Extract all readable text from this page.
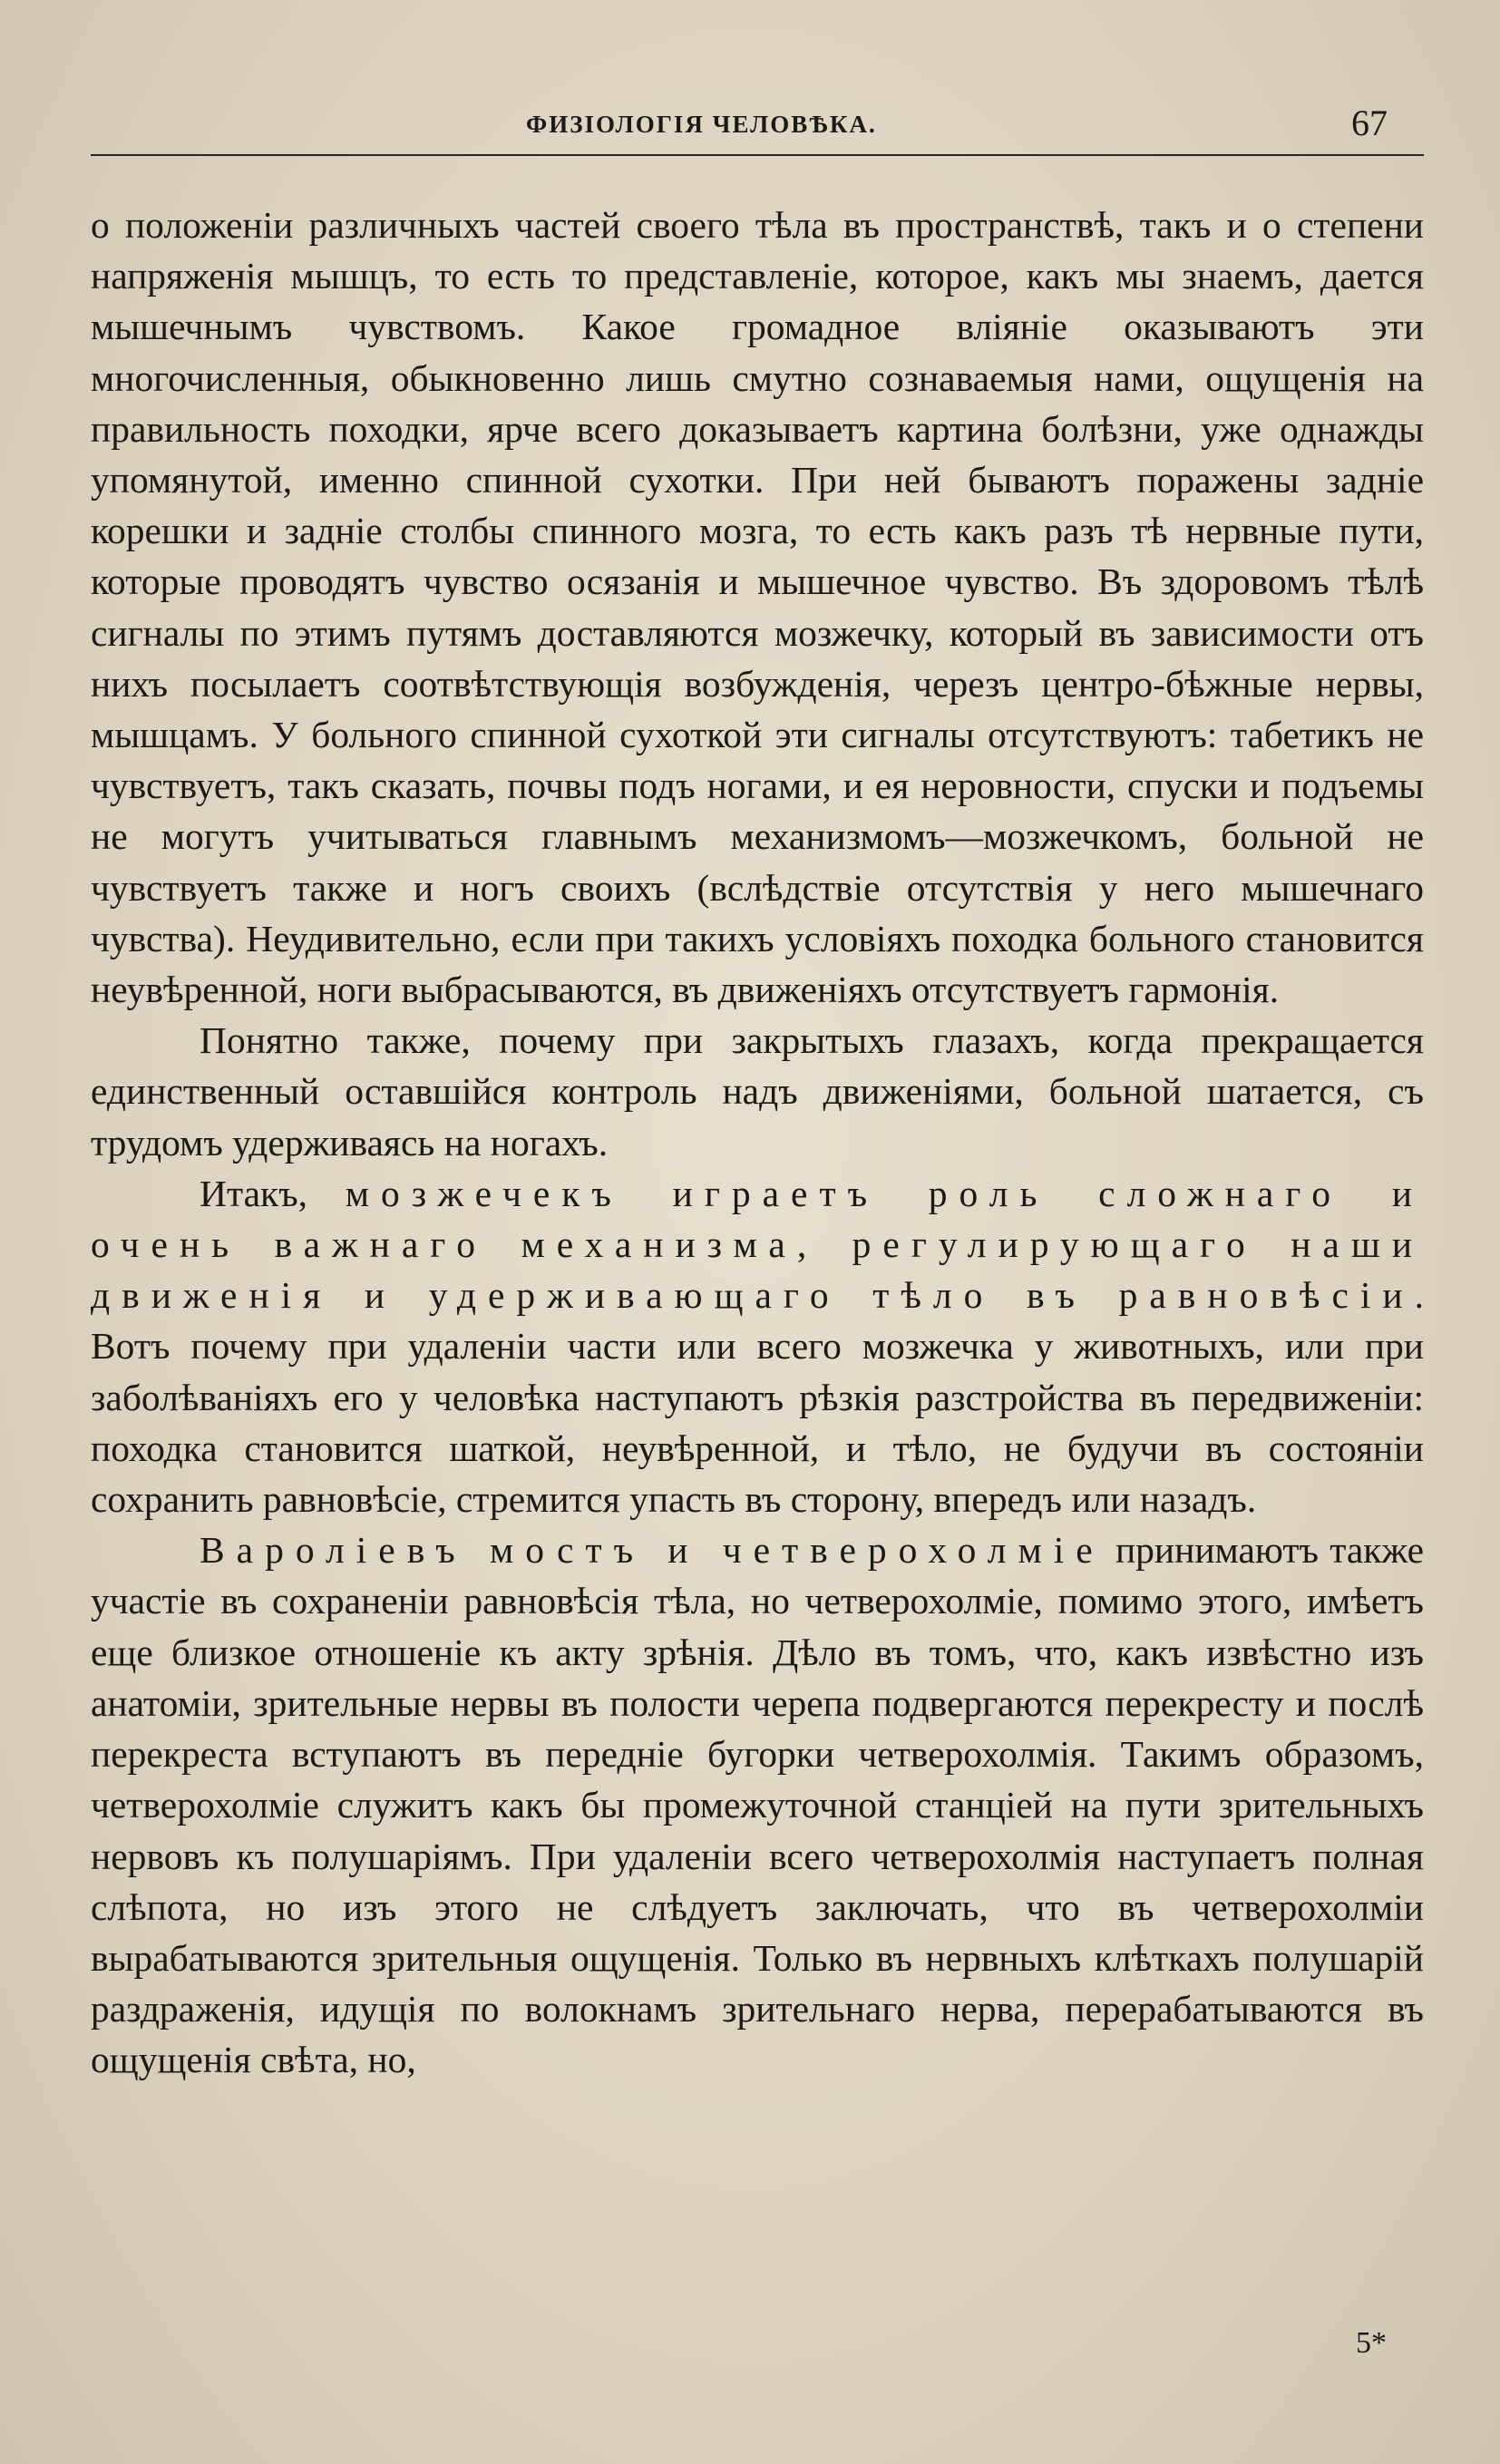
ФИЗІОЛОГІЯ ЧЕЛОВѢКА.	67

о положеніи различныхъ частей своего тѣла въ пространствѣ, такъ и о степени напряженія мышцъ, то есть то представленіе, которое, какъ мы знаемъ, дается мышечнымъ чувствомъ. Какое громадное вліяніе оказываютъ эти многочисленныя, обыкновенно лишь смутно сознаваемыя нами, ощущенія на правильность походки, ярче всего доказываетъ картина болѣзни, уже однажды упомянутой, именно спинной сухотки. При ней бываютъ поражены задніе корешки и задніе столбы спинного мозга, то есть какъ разъ тѣ нервные пути, которые проводятъ чувство осязанія и мышечное чувство. Въ здоровомъ тѣлѣ сигналы по этимъ путямъ доставляются мозжечку, который въ зависимости отъ нихъ посылаетъ соотвѣтствующія возбужденія, черезъ центро-бѣжные нервы, мышцамъ. У больного спинной сухоткой эти сигналы отсутствуютъ: табетикъ не чувствуетъ, такъ сказать, почвы подъ ногами, и ея неровности, спуски и подъемы не могутъ учитываться главнымъ механизмомъ—мозжечкомъ, больной не чувствуетъ также и ногъ своихъ (вслѣдствіе отсутствія у него мышечнаго чувства). Неудивительно, если при такихъ условіяхъ походка больного становится неувѣренной, ноги выбрасываются, въ движеніяхъ отсутствуетъ гармонія.

Понятно также, почему при закрытыхъ глазахъ, когда прекращается единственный оставшійся контроль надъ движеніями, больной шатается, съ трудомъ удерживаясь на ногахъ.

Итакъ, мозжечекъ играетъ роль сложнаго и очень важнаго механизма, регулирующаго наши движенія и удерживающаго тѣло въ равновѣсіи. Вотъ почему при удаленіи части или всего мозжечка у животныхъ, или при заболѣваніяхъ его у человѣка наступаютъ рѣзкія разстройства въ передвиженіи: походка становится шаткой, неувѣренной, и тѣло, не будучи въ состояніи сохранить равновѣсіе, стремится упасть въ сторону, впередъ или назадъ.

Вароліевъ мостъ и четверохолміе принимаютъ также участіе въ сохраненіи равновѣсія тѣла, но четверохолміе, помимо этого, имѣетъ еще близкое отношеніе къ акту зрѣнія. Дѣло въ томъ, что, какъ извѣстно изъ анатоміи, зрительные нервы въ полости черепа подвергаются перекресту и послѣ перекреста вступаютъ въ передніе бугорки четверохолмія. Такимъ образомъ, четверохолміе служитъ какъ бы промежуточной станціей на пути зрительныхъ нервовъ къ полушаріямъ. При удаленіи всего четверохолмія наступаетъ полная слѣпота, но изъ этого не слѣдуетъ заключать, что въ четверохолміи вырабатываются зрительныя ощущенія. Только въ нервныхъ клѣткахъ полушарій раздраженія, идущія по волокнамъ зрительнаго нерва, перерабатываются въ ощущенія свѣта, но,

5*
